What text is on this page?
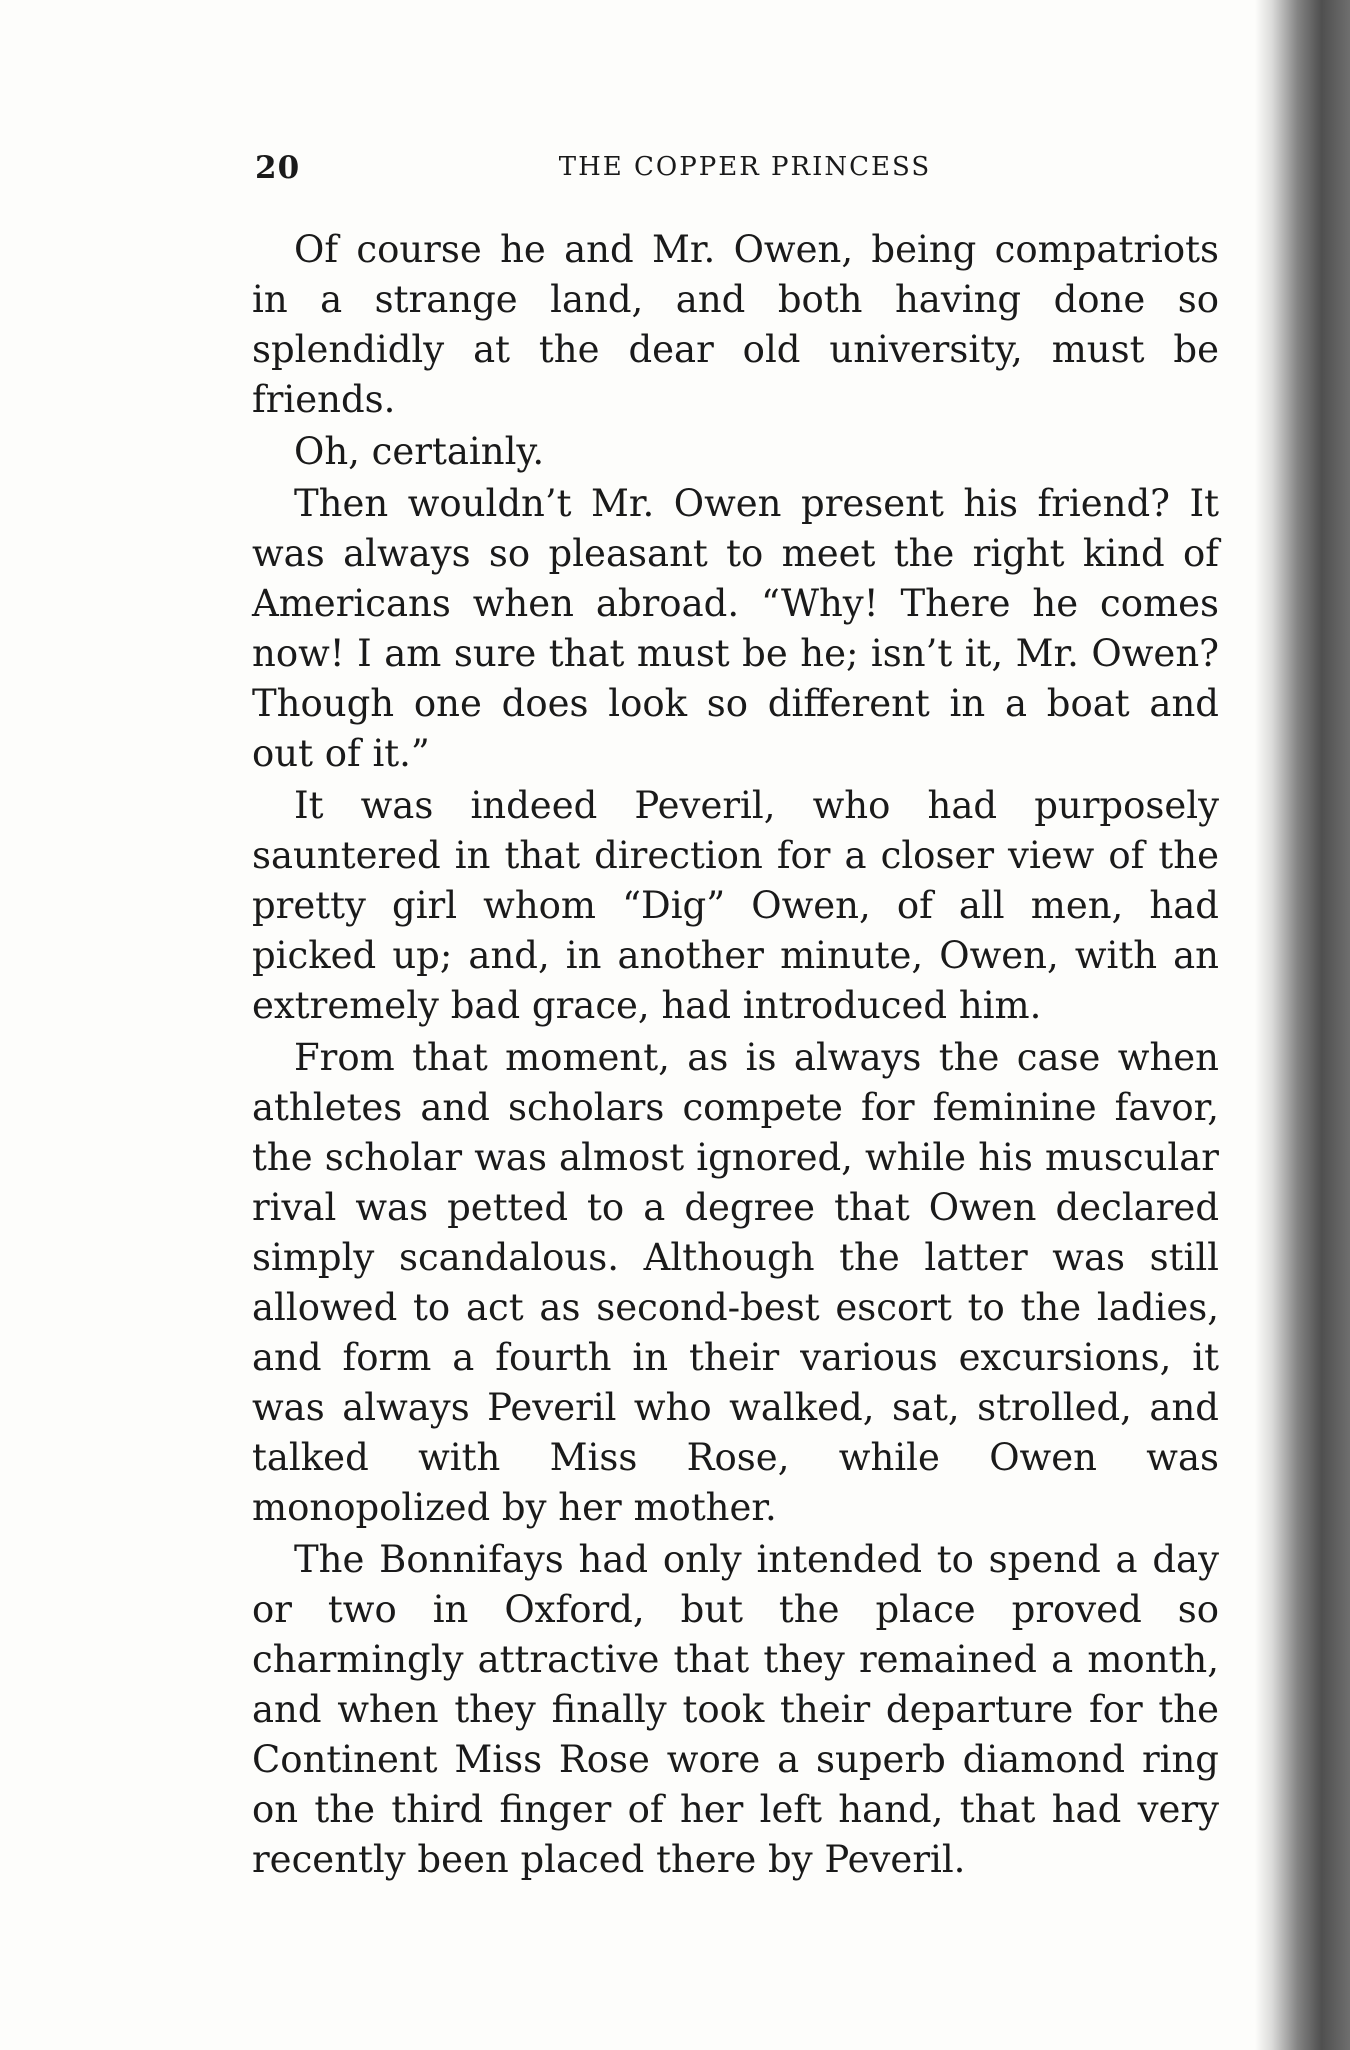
20	THE COPPER PRINCESS

Of course he and Mr. Owen, being compatriots in a strange land, and both having done so splendidly at the dear old university, must be friends.

Oh, certainly.

Then wouldn’t Mr. Owen present his friend? It was always so pleasant to meet the right kind of Americans when abroad. “Why! There he comes now! I am sure that must be he; isn’t it, Mr. Owen? Though one does look so different in a boat and out of it.”

It was indeed Peveril, who had purposely sauntered in that direction for a closer view of the pretty girl whom “Dig” Owen, of all men, had picked up; and, in another minute, Owen, with an extremely bad grace, had introduced him.

From that moment, as is always the case when athletes and scholars compete for feminine favor, the scholar was almost ignored, while his muscular rival was petted to a degree that Owen declared simply scandalous. Although the latter was still allowed to act as second-best escort to the ladies, and form a fourth in their various excursions, it was always Peveril who walked, sat, strolled, and talked with Miss Rose, while Owen was monopolized by her mother.

The Bonnifays had only intended to spend a day or two in Oxford, but the place proved so charmingly attractive that they remained a month, and when they finally took their departure for the Continent Miss Rose wore a superb diamond ring on the third finger of her left hand, that had very recently been placed there by Peveril.
